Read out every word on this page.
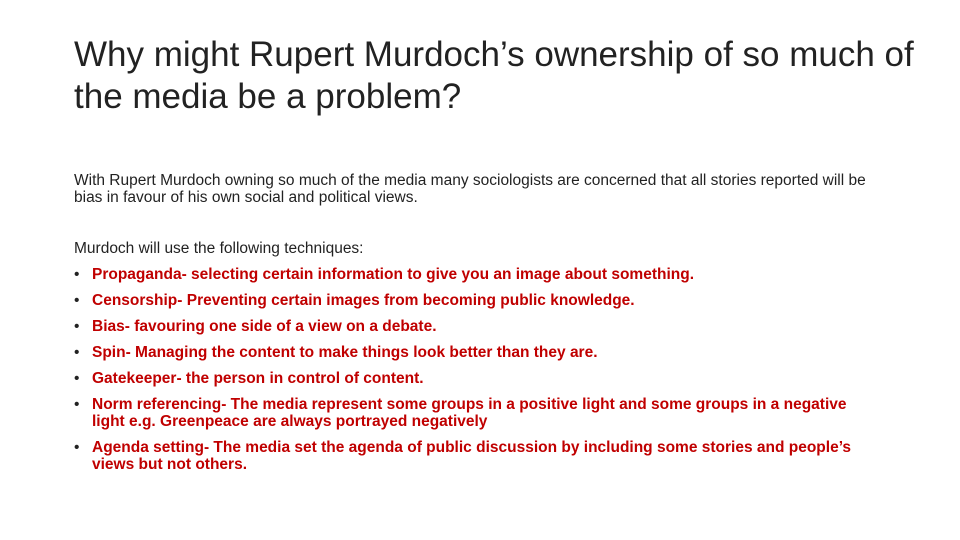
Why might Rupert Murdoch’s ownership of so much of the media be a problem?

With Rupert Murdoch owning so much of the media many sociologists are concerned that all stories reported will be bias in favour of his own social and political views.

Murdoch will use the following techniques:

• Propaganda- selecting certain information to give you an image about something.
• Censorship- Preventing certain images from becoming public knowledge.
• Bias- favouring one side of a view on a debate.
• Spin- Managing the content to make things look better than they are.
• Gatekeeper- the person in control of content.
• Norm referencing- The media represent some groups in a positive light and some groups in a negative light e.g. Greenpeace are always portrayed negatively
• Agenda setting- The media set the agenda of public discussion by including some stories and people’s views but not others.
